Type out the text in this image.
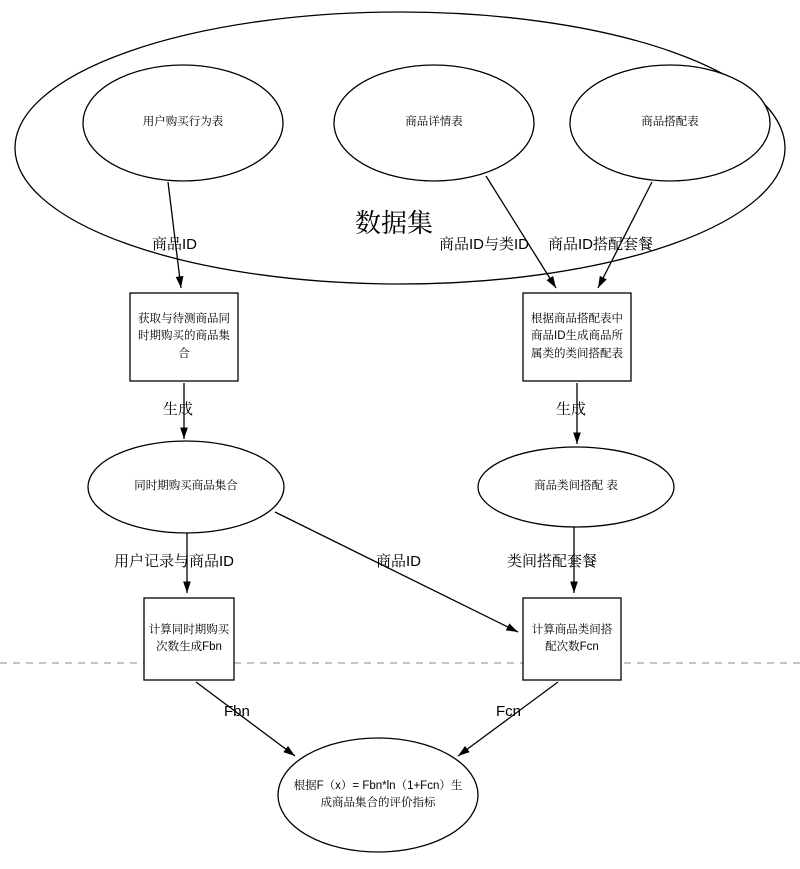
用户购买行为表	商品详情表	商品搭配表
数据集
获取与待测商品同时期购买的商品集合
根据商品搭配表中商品ID生成商品所属类的类间搭配表
同时期购买商品集合	商品类间搭配 表
计算同时期购买次数生成Fbn
计算商品类间搭配次数Fcn
根据F（x）= Fbn*ln（1+Fcn）生成商品集合的评价指标
商品ID	商品ID与类ID 商品ID搭配套餐
生成	生成
用户记录与商品ID	商品ID	类间搭配套餐
Fbn	Fcn
